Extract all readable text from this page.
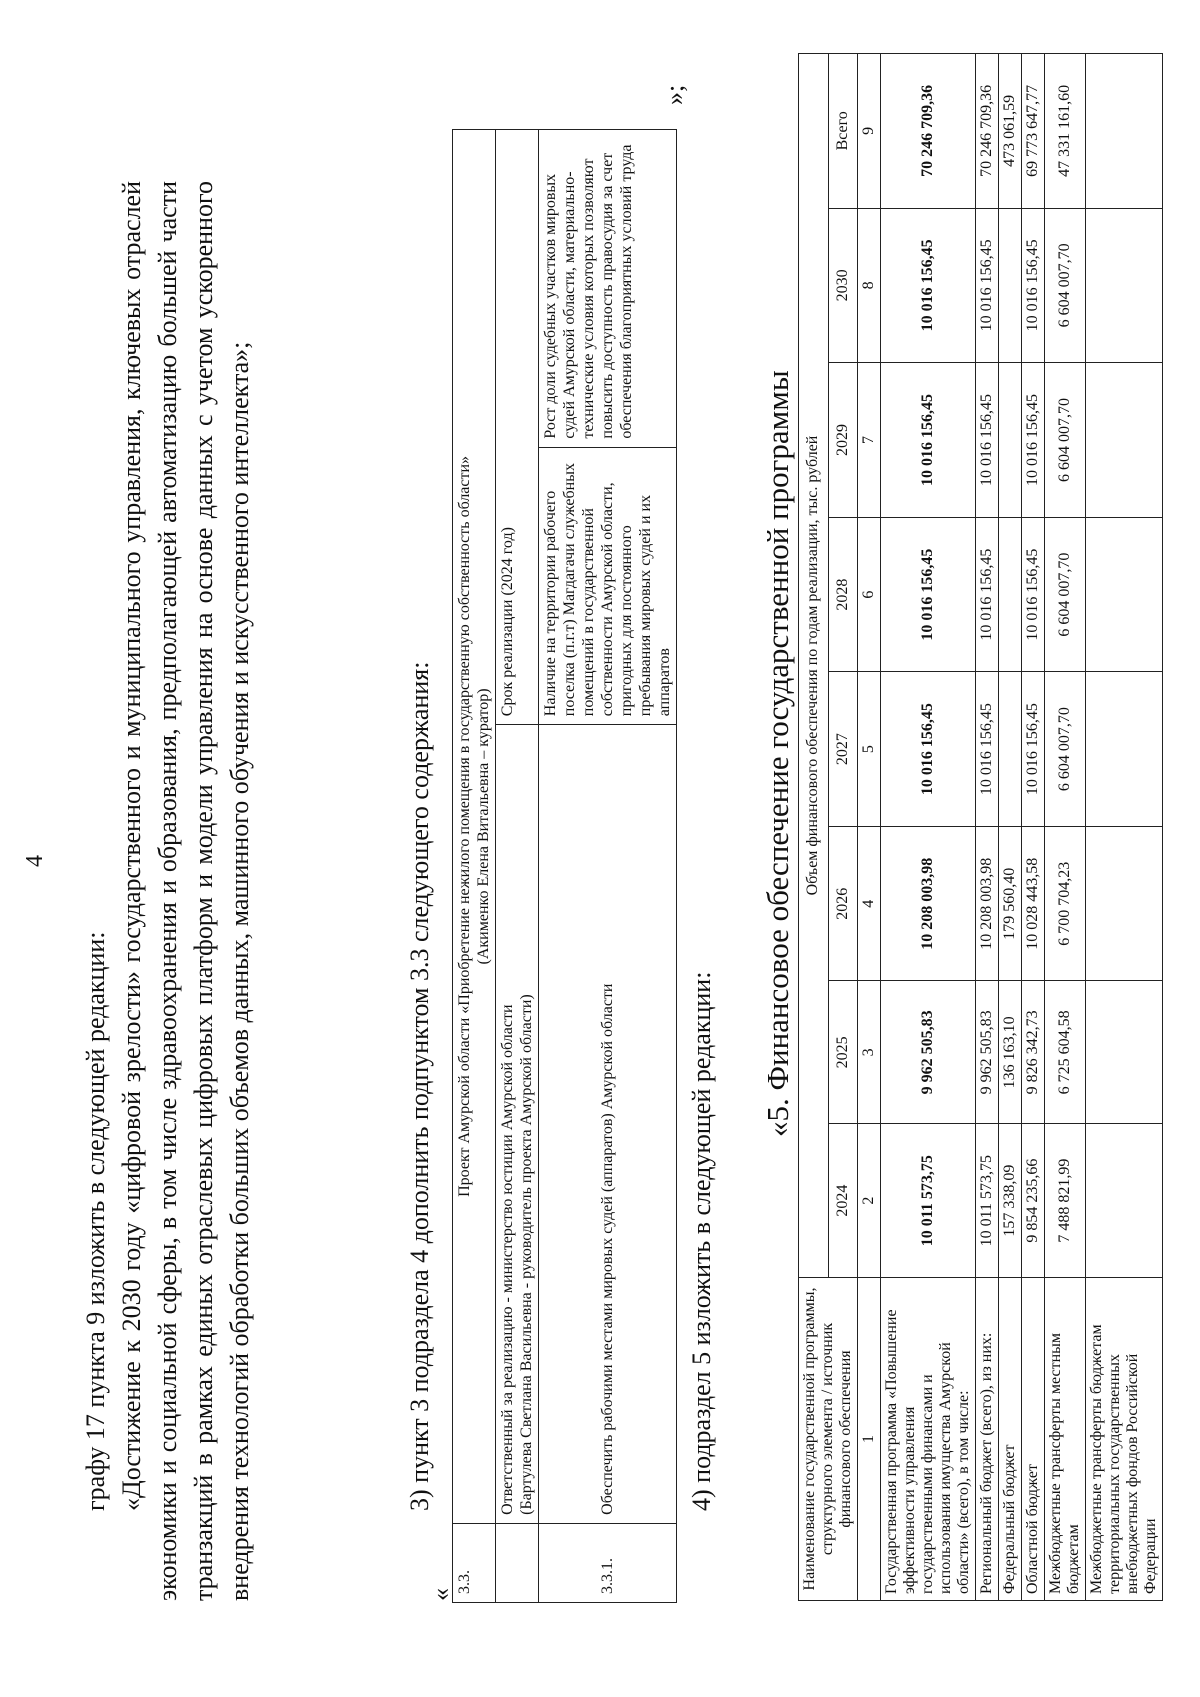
4
графу 17 пункта 9 изложить в следующей редакции: «Достижение к 2030 году «цифровой зрелости» государственного и муниципального управления, ключевых отраслей экономики и социальной сферы, в том числе здравоохранения и образования, предполагающей автоматизацию большей части транзакций в рамках единых отраслевых цифровых платформ и модели управления на основе данных с учетом ускоренного внедрения технологий обработки больших объемов данных, машинного обучения и искусственного интеллекта»;	3) пункт 3 подраздела 4 дополнить подпунктом 3.3 следующего содержания:
«
3.3.	Проект Амурской области «Приобретение нежилого помещения в государственную собственность области» (Акименко Елена Витальевна – куратор)		

	Ответственный за реализацию - министерство юстиции Амурской области (Бартулева Светлана Васильевна - руководитель проекта Амурской области)	Срок реализации (2024 год)	
3.3.1.	Обеспечить рабочими местами мировых судей (аппаратов) Амурской области	Наличие на территории рабочего поселка (п.г.т) Магдагачи служебных помещений в государственной собственности Амурской области, пригодных для постоянного пребывания мировых судей и их аппаратов	Рост доли судебных участков мировых судей Амурской области, материально-технические условия которых позволяют повысить доступность правосудия за счет обеспечения благоприятных условий труда
»;
4) подраздел 5 изложить в следующей редакции:
«5. Финансовое обеспечение государственной программы
Наименование государственной программы, структурного элемента / источник финансового обеспечения	Объем финансового обеспечения по годам реализации, тыс. рублей							
	2024	2025	2026	2027	2028	2029	2030	Всего
1	2	3	4	5	6	7	8	9
Государственная программа «Повышение эффективности управления государственными финансами и использования имущества Амурской области» (всего), в том числе:	10 011 573,75	9 962 505,83	10 208 003,98	10 016 156,45	10 016 156,45	10 016 156,45	10 016 156,45	70 246 709,36
Региональный бюджет (всего), из них:	10 011 573,75	9 962 505,83	10 208 003,98	10 016 156,45	10 016 156,45	10 016 156,45	10 016 156,45	70 246 709,36
Федеральный бюджет	157 338,09	136 163,10	179 560,40					473 061,59
Областной бюджет	9 854 235,66	9 826 342,73	10 028 443,58	10 016 156,45	10 016 156,45	10 016 156,45	10 016 156,45	69 773 647,77
Межбюджетные трансферты местным бюджетам	7 488 821,99	6 725 604,58	6 700 704,23	6 604 007,70	6 604 007,70	6 604 007,70	6 604 007,70	47 331 161,60
Межбюджетные трансферты бюджетам территориальных государственных внебюджетных фондов Российской Федерации								
